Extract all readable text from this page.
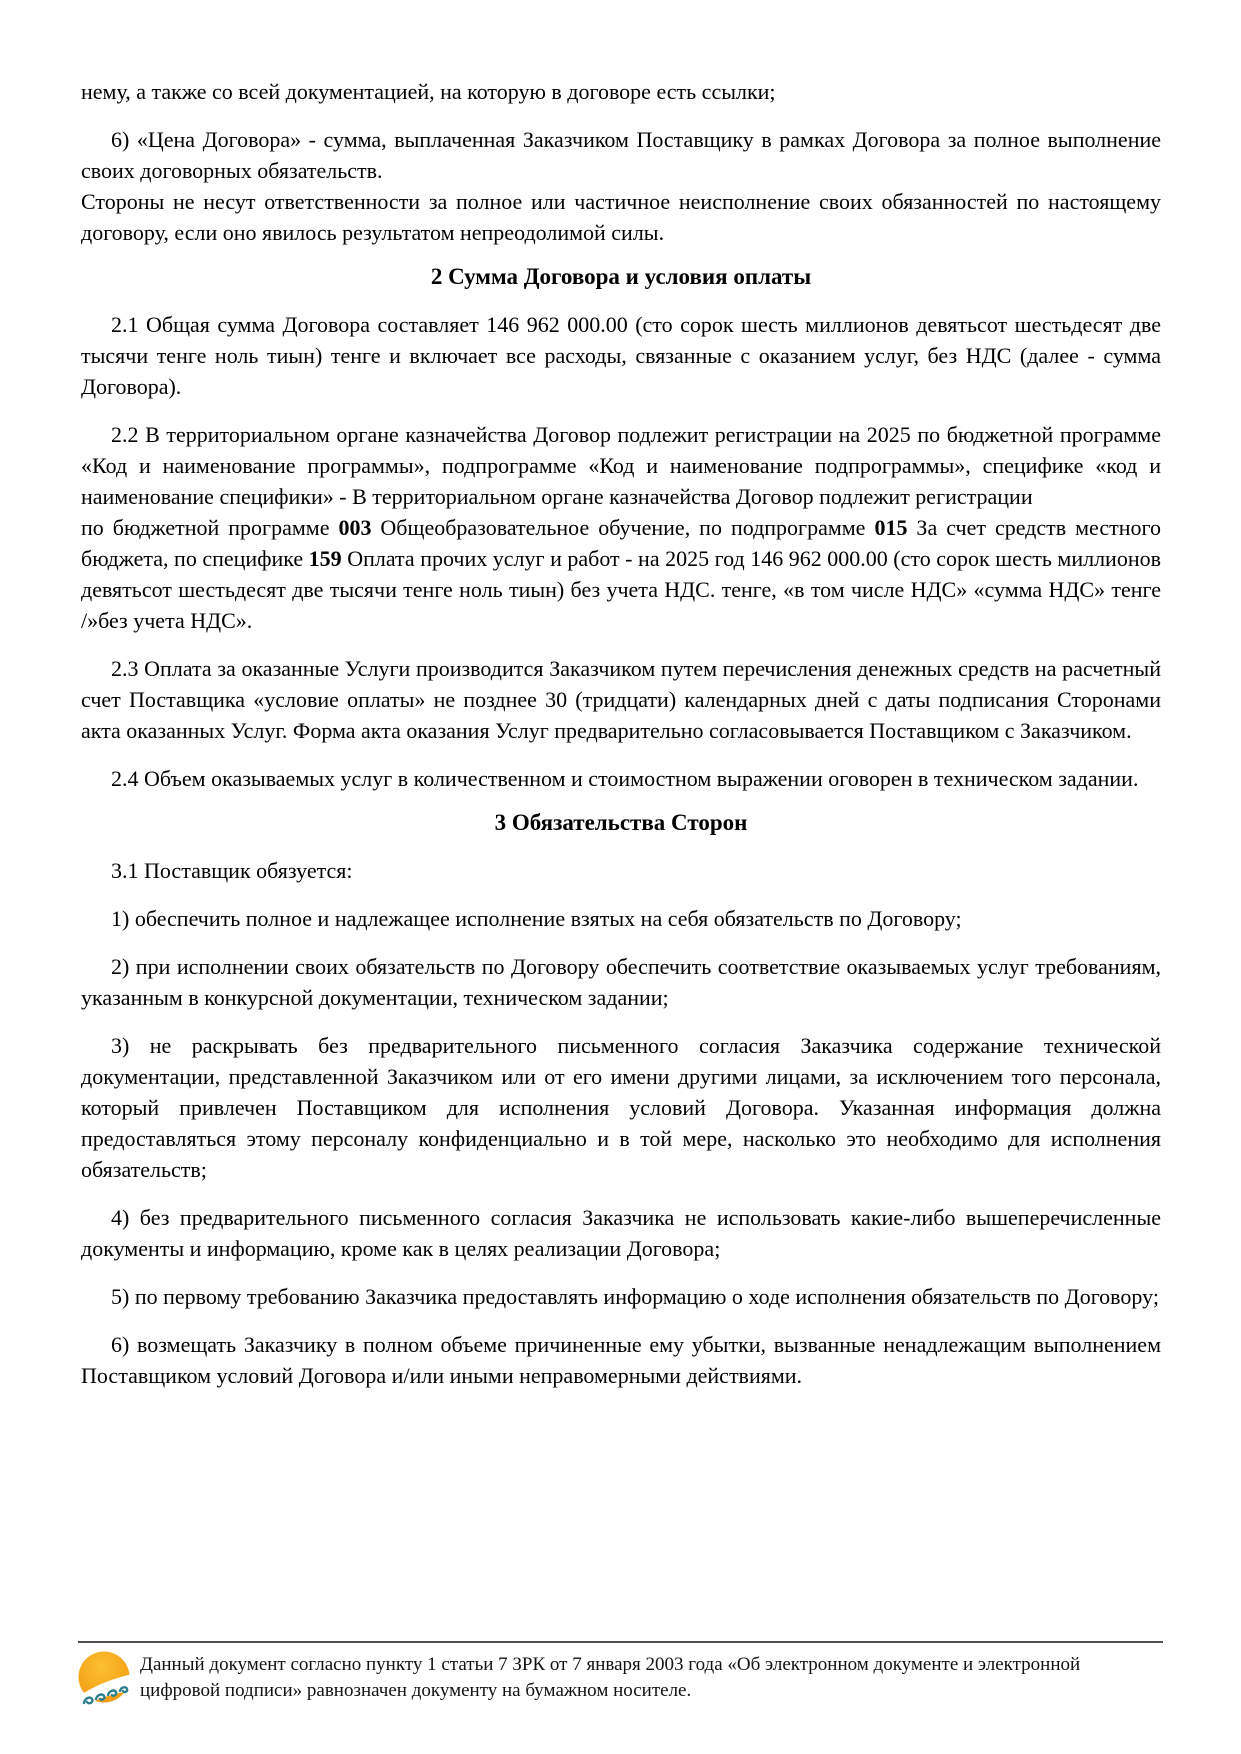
нему, а также со всей документацией, на которую в договоре есть ссылки;

6) «Цена Договора» - сумма, выплаченная Заказчиком Поставщику в рамках Договора за полное выполнение своих договорных обязательств.

Стороны не несут ответственности за полное или частичное неисполнение своих обязанностей по настоящему договору, если оно явилось результатом непреодолимой силы.

2 Сумма Договора и условия оплаты

2.1 Общая сумма Договора составляет 146 962 000.00 (сто сорок шесть миллионов девятьсот шестьдесят две тысячи тенге ноль тиын) тенге и включает все расходы, связанные с оказанием услуг, без НДС (далее - сумма Договора).

2.2 В территориальном органе казначейства Договор подлежит регистрации на 2025 по бюджетной программе «Код и наименование программы», подпрограмме «Код и наименование подпрограммы», специфике «код и наименование специфики» - В территориальном органе казначейства Договор подлежит регистрации

по бюджетной программе 003 Общеобразовательное обучение, по подпрограмме 015 За счет средств местного бюджета, по специфике 159 Оплата прочих услуг и работ - на 2025 год 146 962 000.00 (сто сорок шесть миллионов девятьсот шестьдесят две тысячи тенге ноль тиын) без учета НДС. тенге, «в том числе НДС» «сумма НДС» тенге /»без учета НДС».

2.3 Оплата за оказанные Услуги производится Заказчиком путем перечисления денежных средств на расчетный счет Поставщика «условие оплаты» не позднее 30 (тридцати) календарных дней с даты подписания Сторонами акта оказанных Услуг. Форма акта оказания Услуг предварительно согласовывается Поставщиком с Заказчиком.

2.4 Объем оказываемых услуг в количественном и стоимостном выражении оговорен в техническом задании.

3 Обязательства Сторон

3.1 Поставщик обязуется:

1) обеспечить полное и надлежащее исполнение взятых на себя обязательств по Договору;

2) при исполнении своих обязательств по Договору обеспечить соответствие оказываемых услуг требованиям, указанным в конкурсной документации, техническом задании;

3) не раскрывать без предварительного письменного согласия Заказчика содержание технической документации, представленной Заказчиком или от его имени другими лицами, за исключением того персонала, который привлечен Поставщиком для исполнения условий Договора. Указанная информация должна предоставляться этому персоналу конфиденциально и в той мере, насколько это необходимо для исполнения обязательств;

4) без предварительного письменного согласия Заказчика не использовать какие-либо вышеперечисленные документы и информацию, кроме как в целях реализации Договора;

5) по первому требованию Заказчика предоставлять информацию о ходе исполнения обязательств по Договору;

6) возмещать Заказчику в полном объеме причиненные ему убытки, вызванные ненадлежащим выполнением Поставщиком условий Договора и/или иными неправомерными действиями.

Данный документ согласно пункту 1 статьи 7 ЗРК от 7 января 2003 года «Об электронном документе и электронной цифровой подписи» равнозначен документу на бумажном носителе.
